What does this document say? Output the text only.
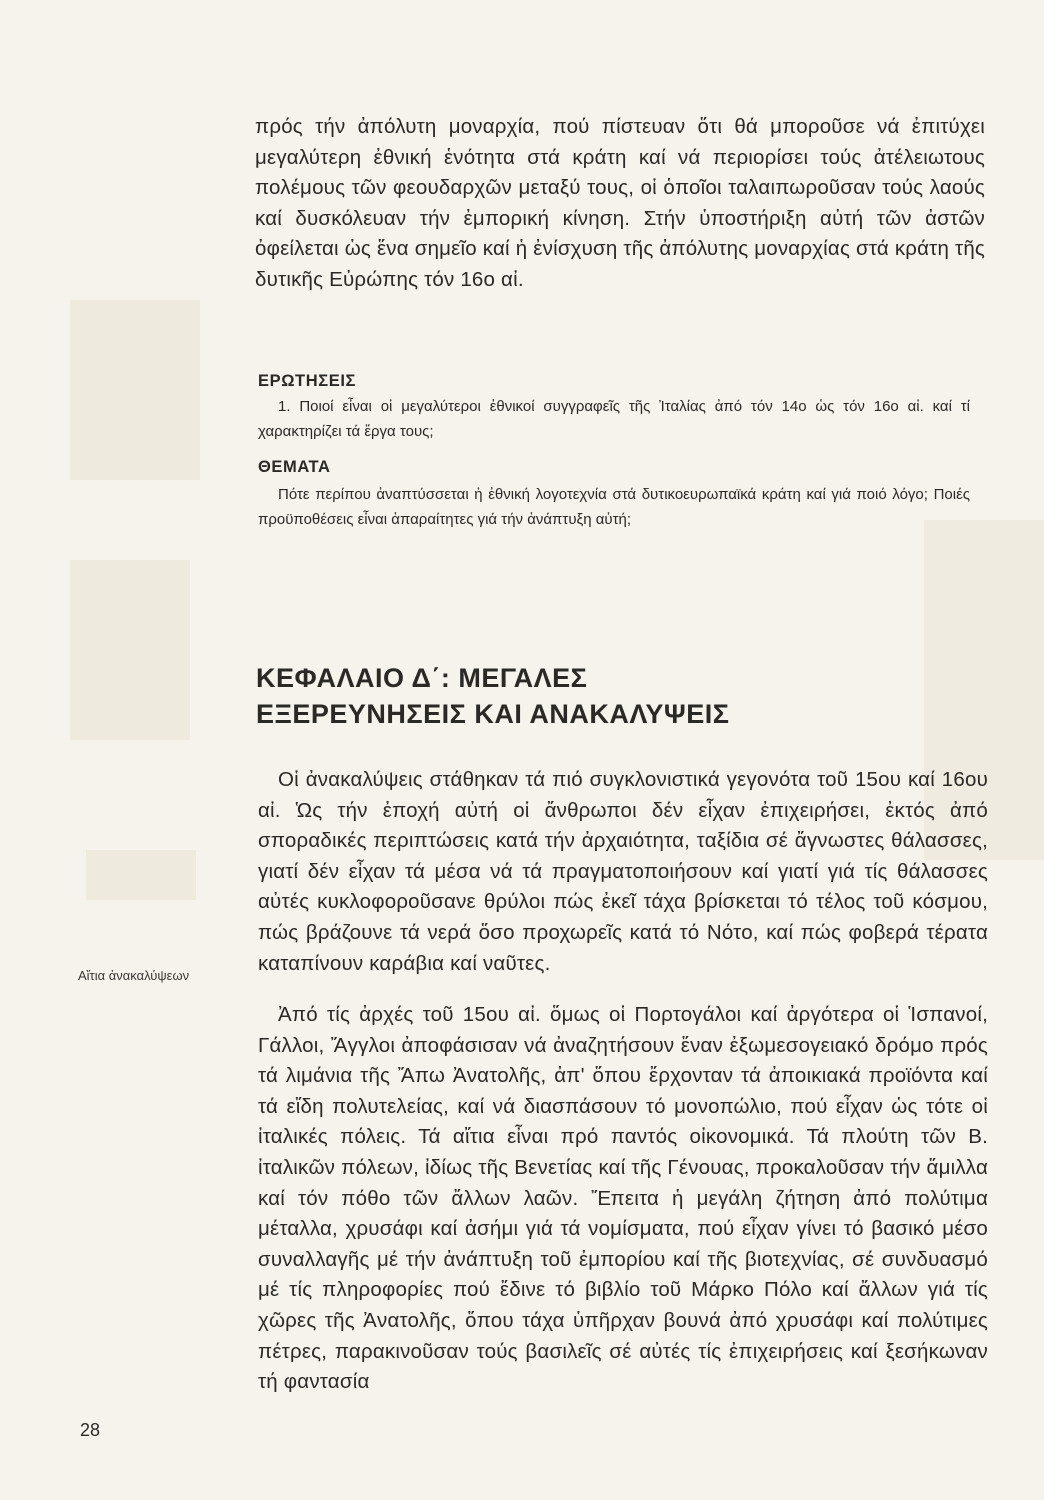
πρός τήν ἀπόλυτη μοναρχία, πού πίστευαν ὅτι θά μποροῦσε νά ἐπιτύχει μεγαλύτερη ἐθνική ἑνότητα στά κράτη καί νά περιορίσει τούς ἀτέλειωτους πολέμους τῶν φεουδαρχῶν μεταξύ τους, οἱ ὁποῖοι ταλαιπωροῦσαν τούς λαούς καί δυσκόλευαν τήν ἐμπορική κίνηση. Στήν ὑποστήριξη αὐτή τῶν ἀστῶν ὀφείλεται ὡς ἕνα σημεῖο καί ἡ ἐνίσχυση τῆς ἀπόλυτης μοναρχίας στά κράτη τῆς δυτικῆς Εὐρώπης τόν 16ο αἰ.

ΕΡΩΤΗΣΕΙΣ

1. Ποιοί εἶναι οἱ μεγαλύτεροι ἐθνικοί συγγραφεῖς τῆς Ἰταλίας ἀπό τόν 14ο ὡς τόν 16ο αἰ. καί τί χαρακτηρίζει τά ἔργα τους;

ΘΕΜΑΤΑ

Πότε περίπου ἀναπτύσσεται ἡ ἐθνική λογοτεχνία στά δυτικοευρωπαϊκά κράτη καί γιά ποιό λόγο; Ποιές προϋποθέσεις εἶναι ἀπαραίτητες γιά τήν ἀνάπτυξη αὐτή;

ΚΕΦΑΛΑΙΟ Δ΄: ΜΕΓΑΛΕΣ
ΕΞΕΡΕΥΝΗΣΕΙΣ ΚΑΙ ΑΝΑΚΑΛΥΨΕΙΣ

Οἱ ἀνακαλύψεις στάθηκαν τά πιό συγκλονιστικά γεγονότα τοῦ 15ου καί 16ου αἰ. Ὡς τήν ἐποχή αὐτή οἱ ἄνθρωποι δέν εἶχαν ἐπιχειρήσει, ἐκτός ἀπό σποραδικές περιπτώσεις κατά τήν ἀρχαιότητα, ταξίδια σέ ἄγνωστες θάλασσες, γιατί δέν εἶχαν τά μέσα νά τά πραγματοποιήσουν καί γιατί γιά τίς θάλασσες αὐτές κυκλοφοροῦσανε θρύλοι πώς ἐκεῖ τάχα βρίσκεται τό τέλος τοῦ κόσμου, πώς βράζουνε τά νερά ὅσο προχωρεῖς κατά τό Νότο, καί πώς φοβερά τέρατα καταπίνουν καράβια καί ναῦτες.

Αἴτια ἀνακαλύψεων

Ἀπό τίς ἀρχές τοῦ 15ου αἰ. ὅμως οἱ Πορτογάλοι καί ἀργότερα οἱ Ἱσπανοί, Γάλλοι, Ἄγγλοι ἀποφάσισαν νά ἀναζητήσουν ἕναν ἐξωμεσογειακό δρόμο πρός τά λιμάνια τῆς Ἄπω Ἀνατολῆς, ἀπ' ὅπου ἔρχονταν τά ἀποικιακά προϊόντα καί τά εἴδη πολυτελείας, καί νά διασπάσουν τό μονοπώλιο, πού εἶχαν ὡς τότε οἱ ἰταλικές πόλεις. Τά αἴτια εἶναι πρό παντός οἰκονομικά. Τά πλούτη τῶν Β. ἰταλικῶν πόλεων, ἰδίως τῆς Βενετίας καί τῆς Γένουας, προκαλοῦσαν τήν ἅμιλλα καί τόν πόθο τῶν ἄλλων λαῶν. Ἔπειτα ἡ μεγάλη ζήτηση ἀπό πολύτιμα μέταλλα, χρυσάφι καί ἀσήμι γιά τά νομίσματα, πού εἶχαν γίνει τό βασικό μέσο συναλλαγῆς μέ τήν ἀνάπτυξη τοῦ ἐμπορίου καί τῆς βιοτεχνίας, σέ συνδυασμό μέ τίς πληροφορίες πού ἔδινε τό βιβλίο τοῦ Μάρκο Πόλο καί ἄλλων γιά τίς χῶρες τῆς Ἀνατολῆς, ὅπου τάχα ὑπῆρχαν βουνά ἀπό χρυσάφι καί πολύτιμες πέτρες, παρακινοῦσαν τούς βασιλεῖς σέ αὐτές τίς ἐπιχειρήσεις καί ξεσήκωναν τή φαντασία

28
